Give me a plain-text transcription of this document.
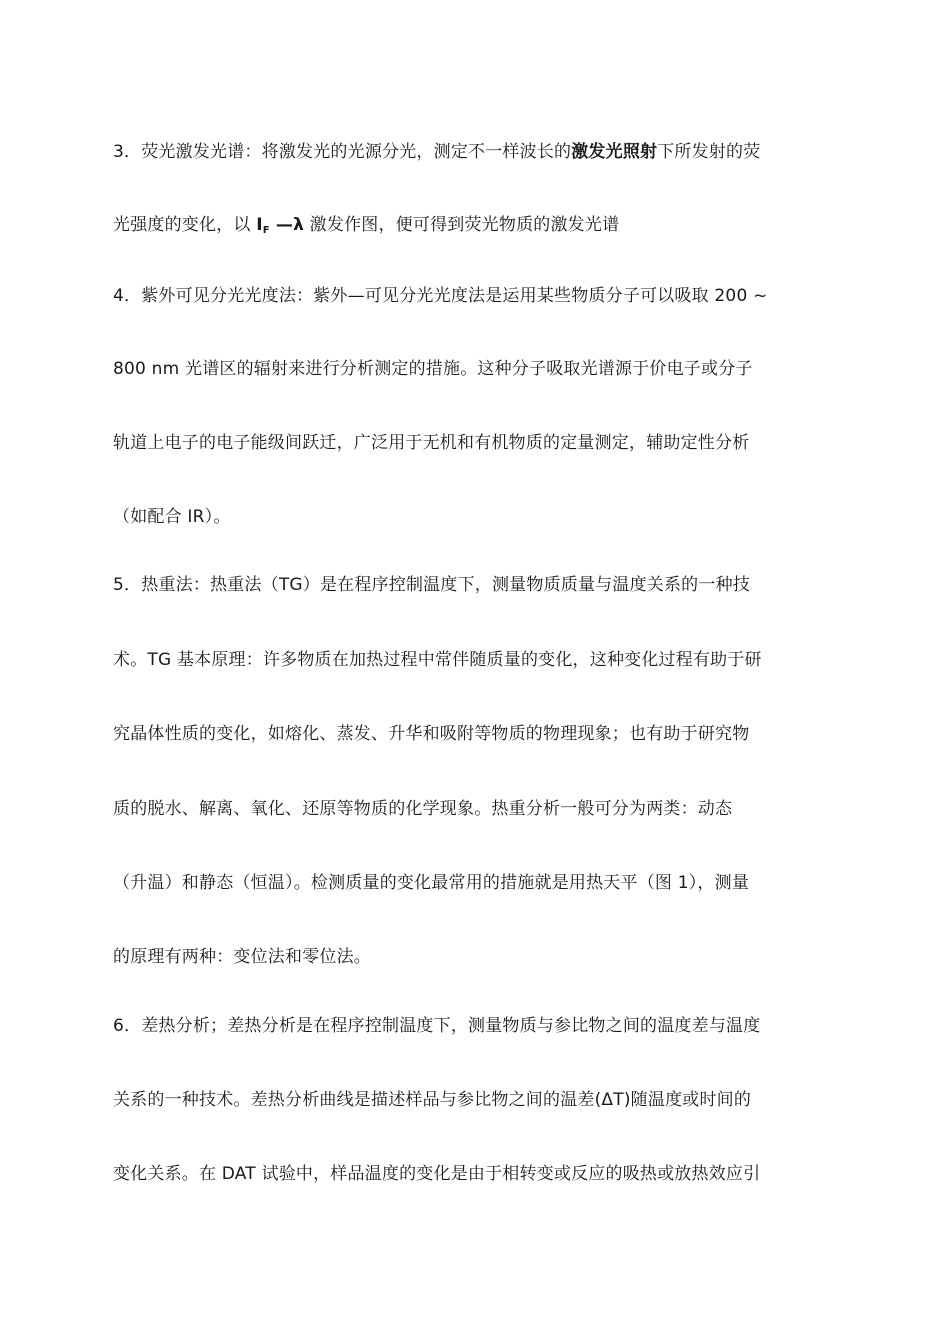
3．荧光激发光谱：将激发光的光源分光，测定不一样波长的激发光照射下所发射的荧
光强度的变化，以 $I_F$ —λ 激发作图，便可得到荧光物质的激发光谱
4．紫外可见分光光度法：紫外—可见分光光度法是运用某些物质分子可以吸取 200 ~
800 nm 光谱区的辐射来进行分析测定的措施。这种分子吸取光谱源于价电子或分子
轨道上电子的电子能级间跃迁，广泛用于无机和有机物质的定量测定，辅助定性分析
（如配合 IR）。
5．热重法：热重法（TG）是在程序控制温度下，测量物质质量与温度关系的一种技
术。TG 基本原理：许多物质在加热过程中常伴随质量的变化，这种变化过程有助于研
究晶体性质的变化，如熔化、蒸发、升华和吸附等物质的物理现象；也有助于研究物
质的脱水、解离、氧化、还原等物质的化学现象。热重分析一般可分为两类：动态
（升温）和静态（恒温）。检测质量的变化最常用的措施就是用热天平（图 1），测量
的原理有两种：变位法和零位法。
6．差热分析；差热分析是在程序控制温度下，测量物质与参比物之间的温度差与温度
关系的一种技术。差热分析曲线是描述样品与参比物之间的温差(ΔT)随温度或时间的
变化关系。在 DAT 试验中，样品温度的变化是由于相转变或反应的吸热或放热效应引
